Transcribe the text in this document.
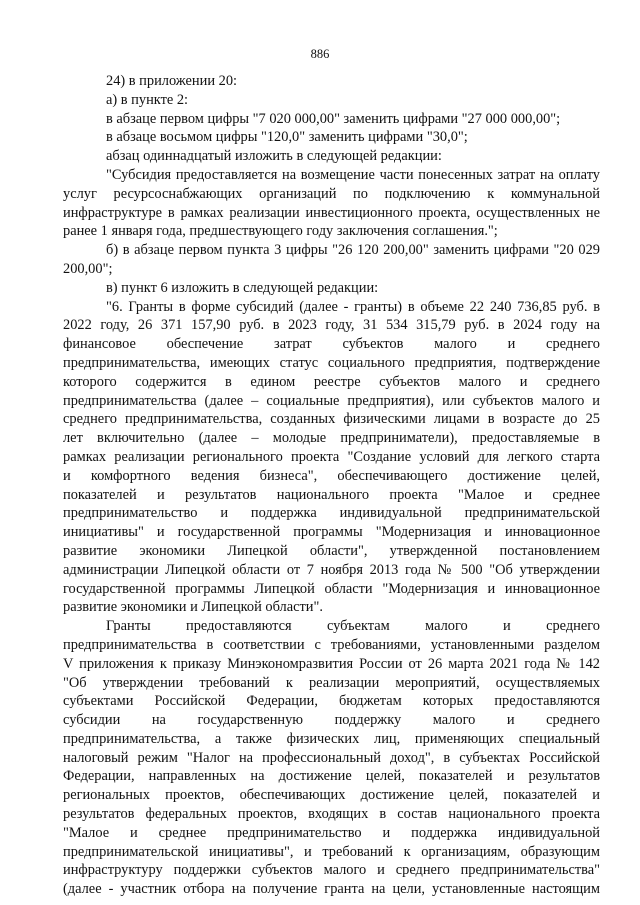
886

24) в приложении 20:

а) в пункте 2:

в абзаце первом цифры "7 020 000,00" заменить цифрами "27 000 000,00";

в абзаце восьмом цифры "120,0" заменить цифрами "30,0";

абзац одиннадцатый изложить в следующей редакции:

"Субсидия предоставляется на возмещение части понесенных затрат на оплату услуг ресурсоснабжающих организаций по подключению к коммунальной инфраструктуре в рамках реализации инвестиционного проекта, осуществленных не ранее 1 января года, предшествующего году заключения соглашения.";

б) в абзаце первом пункта 3 цифры "26 120 200,00" заменить цифрами "20 029 200,00";

в) пункт 6 изложить в следующей редакции:

"6. Гранты в форме субсидий (далее - гранты) в объеме 22 240 736,85 руб. в
2022 году, 26 371 157,90 руб. в 2023 году, 31 534 315,79 руб. в 2024 году на
финансовое обеспечение затрат субъектов малого и среднего
предпринимательства, имеющих статус социального предприятия, подтверждение
которого содержится в едином реестре субъектов малого и среднего
предпринимательства (далее – социальные предприятия), или субъектов малого и
среднего предпринимательства, созданных физическими лицами в возрасте до 25
лет включительно (далее – молодые предприниматели), предоставляемые в
рамках реализации регионального проекта "Создание условий для легкого старта
и комфортного ведения бизнеса", обеспечивающего достижение целей,
показателей и результатов национального проекта "Малое и среднее
предпринимательство и поддержка индивидуальной предпринимательской
инициативы" и государственной программы "Модернизация и инновационное
развитие экономики Липецкой области", утвержденной постановлением
администрации Липецкой области от 7 ноября 2013 года № 500 "Об утверждении
государственной программы Липецкой области "Модернизация и инновационное
развитие экономики и Липецкой области".
Гранты предоставляются субъектам малого и среднего
предпринимательства в соответствии с требованиями, установленными разделом
V приложения к приказу Минэкономразвития России от 26 марта 2021 года № 142
"Об утверждении требований к реализации мероприятий, осуществляемых
субъектами Российской Федерации, бюджетам которых предоставляются
субсидии на государственную поддержку малого и среднего
предпринимательства, а также физических лиц, применяющих специальный
налоговый режим "Налог на профессиональный доход", в субъектах Российской
Федерации, направленных на достижение целей, показателей и результатов
региональных проектов, обеспечивающих достижение целей, показателей и
результатов федеральных проектов, входящих в состав национального проекта
"Малое и среднее предпринимательство и поддержка индивидуальной
предпринимательской инициативы", и требований к организациям, образующим
инфраструктуру поддержки субъектов малого и среднего предпринимательства"
(далее - участник отбора на получение гранта на цели, установленные настоящим
